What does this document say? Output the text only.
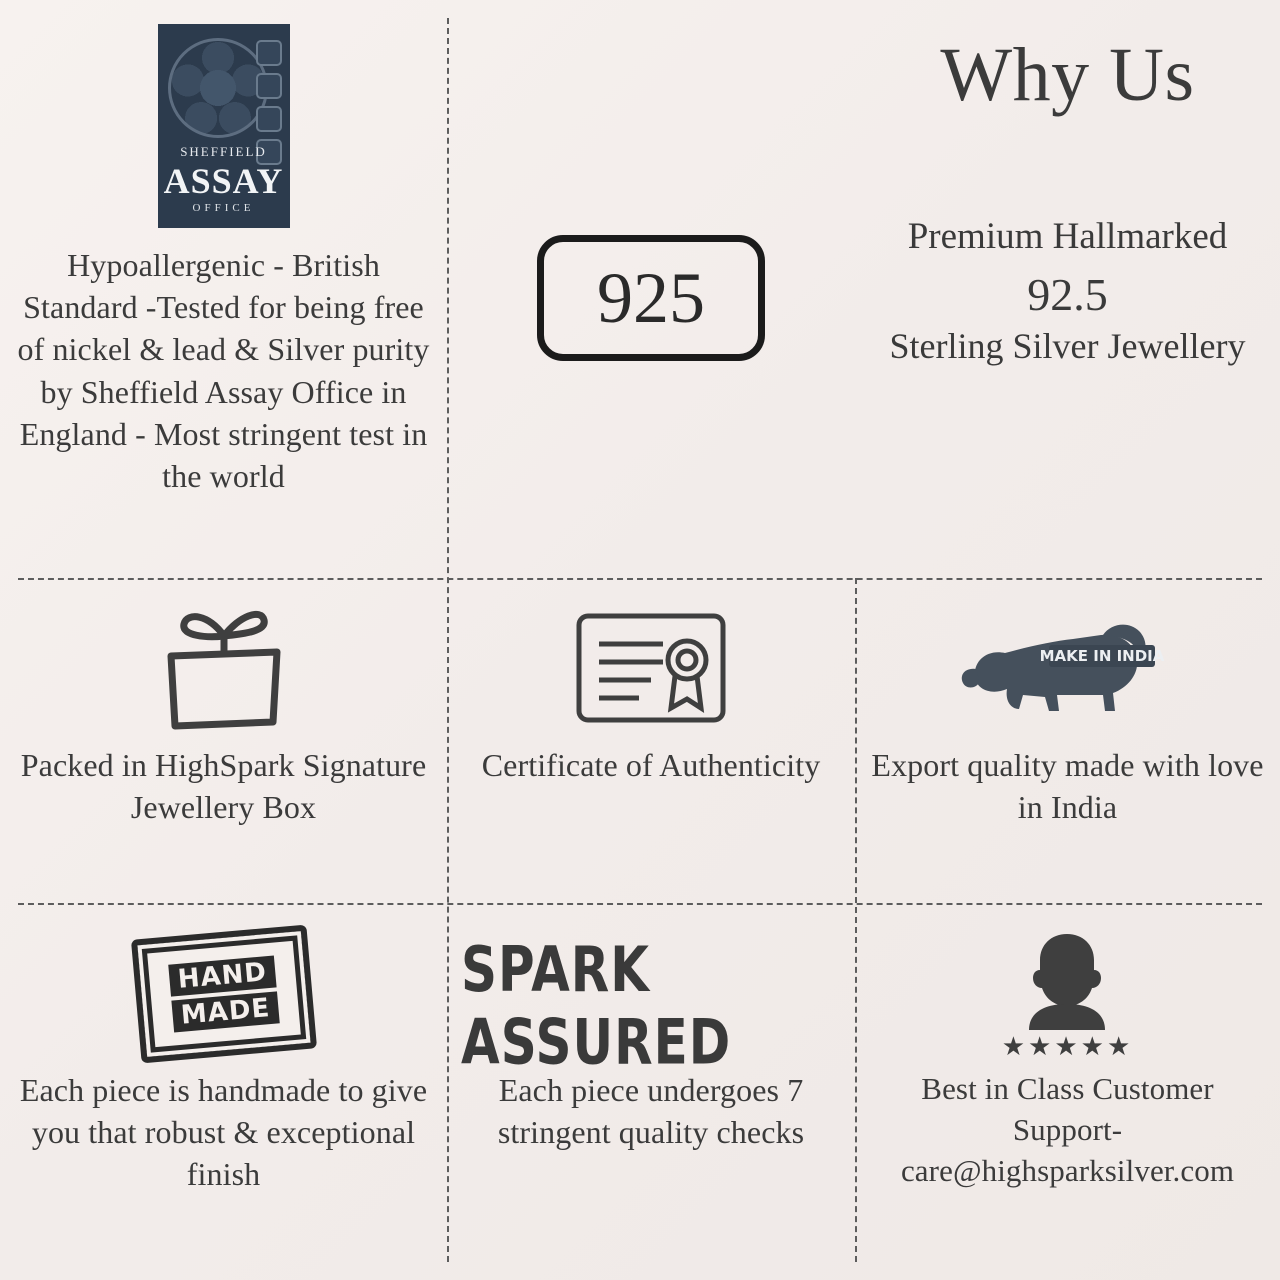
SHEFFIELD
ASSAY
OFFICE
Hypoallergenic - British Standard -Tested for being free of nickel & lead & Silver purity by Sheffield Assay Office in England - Most stringent test in the world
925
Why Us
Premium Hallmarked
92.5
Sterling Silver Jewellery
Packed in HighSpark Signature Jewellery Box
Certificate of Authenticity
MAKE IN INDIA
Export quality made with love in India
HAND
MADE
Each piece is handmade to give you that robust & exceptional finish
SPARK ASSURED
Each piece undergoes 7 stringent quality checks
★★★★★
Best in Class Customer Support- care@highsparksilver.com
